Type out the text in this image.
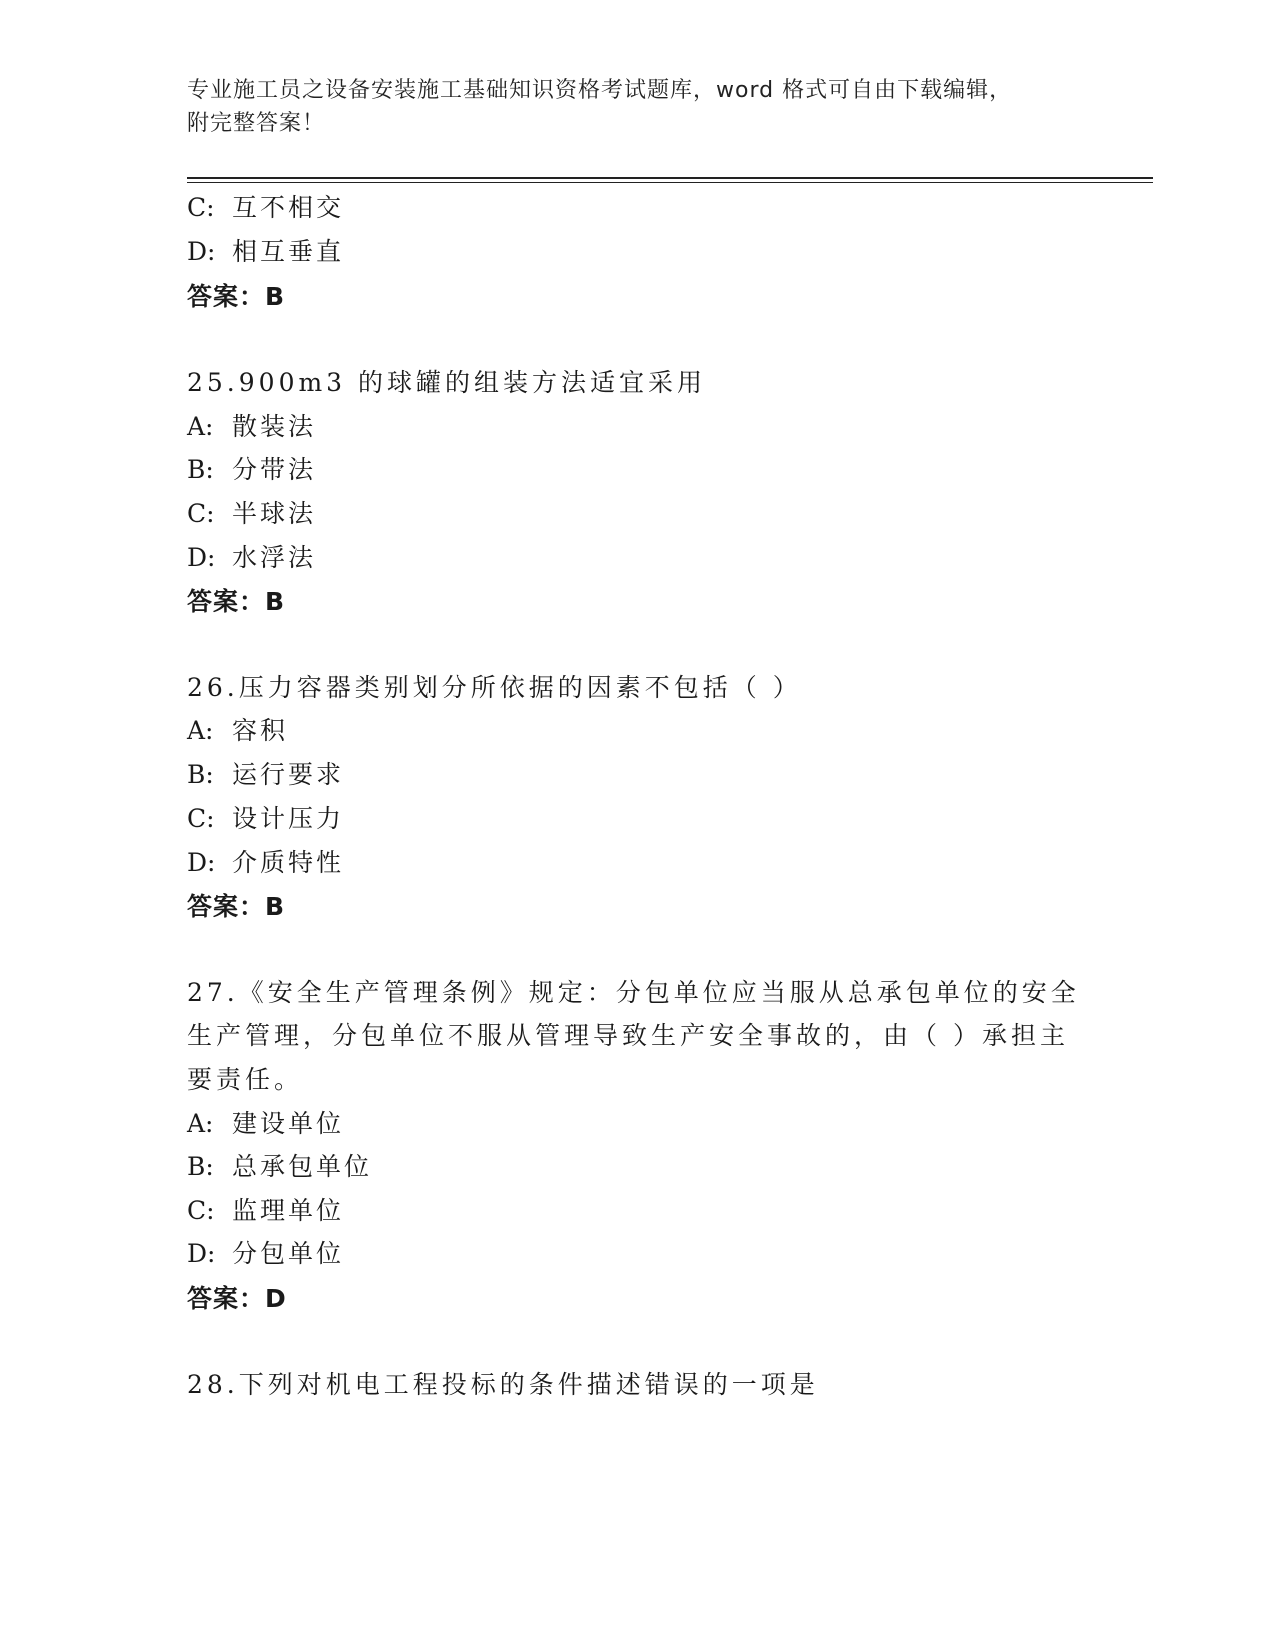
专业施工员之设备安装施工基础知识资格考试题库，word 格式可自由下载编辑，
附完整答案！
C: 互不相交
D: 相互垂直
答案：B
25.900m3 的球罐的组装方法适宜采用
A: 散装法
B: 分带法
C: 半球法
D: 水浮法
答案：B
26.压力容器类别划分所依据的因素不包括（ ）
A: 容积
B: 运行要求
C: 设计压力
D: 介质特性
答案：B
27.《安全生产管理条例》规定：分包单位应当服从总承包单位的安全
生产管理，分包单位不服从管理导致生产安全事故的，由（ ）承担主
要责任。
A: 建设单位
B: 总承包单位
C: 监理单位
D: 分包单位
答案：D
28.下列对机电工程投标的条件描述错误的一项是
